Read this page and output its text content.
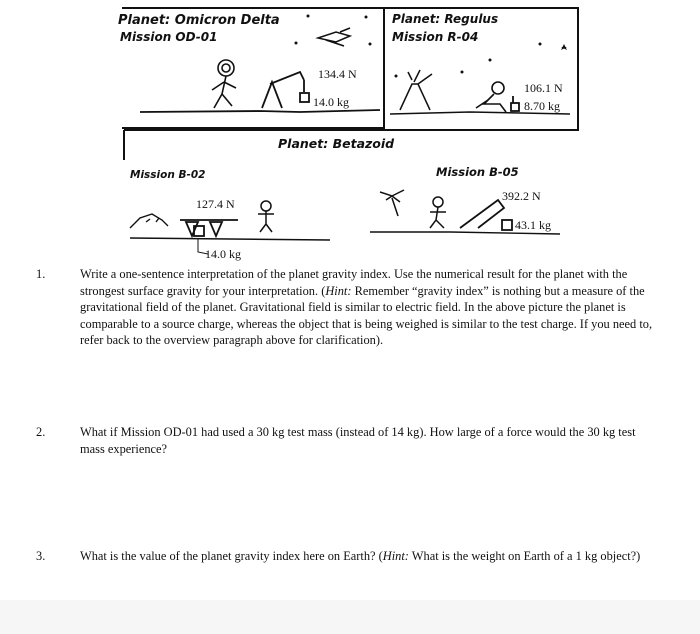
Planet: Omicron Delta
Mission OD-01
134.4 N
14.0 kg
Planet: Regulus
Mission R-04
106.1 N
8.70 kg
Planet: Betazoid
Mission B-02
127.4 N
14.0 kg
Mission B-05
392.2 N
43.1 kg
1.	Write a one-sentence interpretation of the planet gravity index. Use the numerical result for the planet with the strongest surface gravity for your interpretation. (Hint: Remember “gravity index” is nothing but a measure of the gravitational field of the planet. Gravitational field is similar to electric field. In the above picture the planet is comparable to a source charge, whereas the object that is being weighed is similar to the test charge. If you need to, refer back to the overview paragraph above for clarification).
2.	What if Mission OD-01 had used a 30 kg test mass (instead of 14 kg). How large of a force would the 30 kg test mass experience?
3.	What is the value of the planet gravity index here on Earth? (Hint: What is the weight on Earth of a 1 kg object?)
